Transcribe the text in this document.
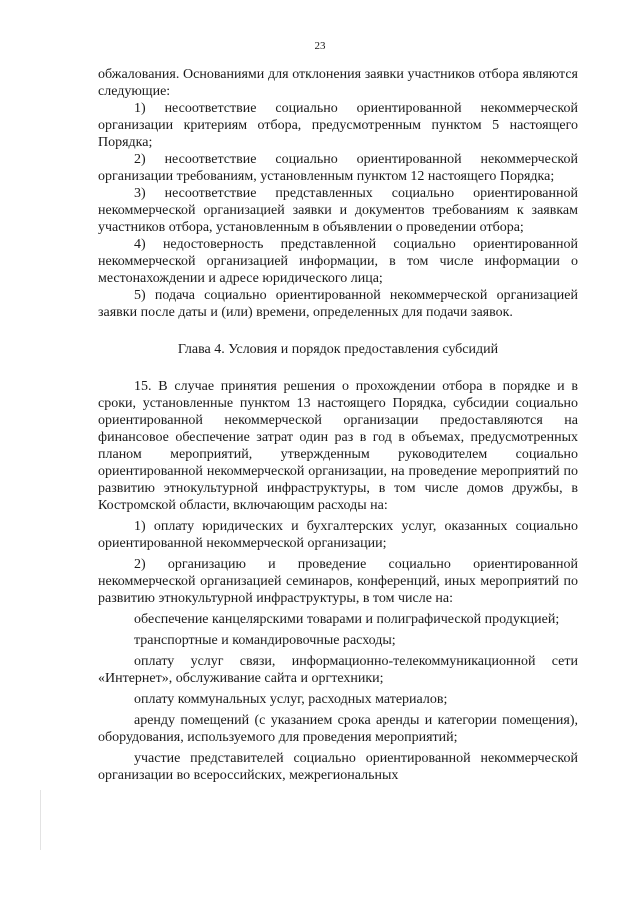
23

обжалования. Основаниями для отклонения заявки участников отбора являются следующие:

1) несоответствие социально ориентированной некоммерческой организации критериям отбора, предусмотренным пунктом 5 настоящего Порядка;

2) несоответствие социально ориентированной некоммерческой организации требованиям, установленным пунктом 12 настоящего Порядка;

3) несоответствие представленных социально ориентированной некоммерческой организацией заявки и документов требованиям к заявкам участников отбора, установленным в объявлении о проведении отбора;

4) недостоверность представленной социально ориентированной некоммерческой организацией информации, в том числе информации о местонахождении и адресе юридического лица;

5) подача социально ориентированной некоммерческой организацией заявки после даты и (или) времени, определенных для подачи заявок.

Глава 4. Условия и порядок предоставления субсидий

15. В случае принятия решения о прохождении отбора в порядке и в сроки, установленные пунктом 13 настоящего Порядка, субсидии социально ориентированной некоммерческой организации предоставляются на финансовое обеспечение затрат один раз в год в объемах, предусмотренных планом мероприятий, утвержденным руководителем социально ориентированной некоммерческой организации, на проведение мероприятий по развитию этнокультурной инфраструктуры, в том числе домов дружбы, в Костромской области, включающим расходы на:

1) оплату юридических и бухгалтерских услуг, оказанных социально ориентированной некоммерческой организации;

2) организацию и проведение социально ориентированной некоммерческой организацией семинаров, конференций, иных мероприятий по развитию этнокультурной инфраструктуры, в том числе на:

обеспечение канцелярскими товарами и полиграфической продукцией;

транспортные и командировочные расходы;

оплату услуг связи, информационно-телекоммуникационной сети «Интернет», обслуживание сайта и оргтехники;

оплату коммунальных услуг, расходных материалов;

аренду помещений (с указанием срока аренды и категории помещения), оборудования, используемого для проведения мероприятий;

участие представителей социально ориентированной некоммерческой организации во всероссийских, межрегиональных
